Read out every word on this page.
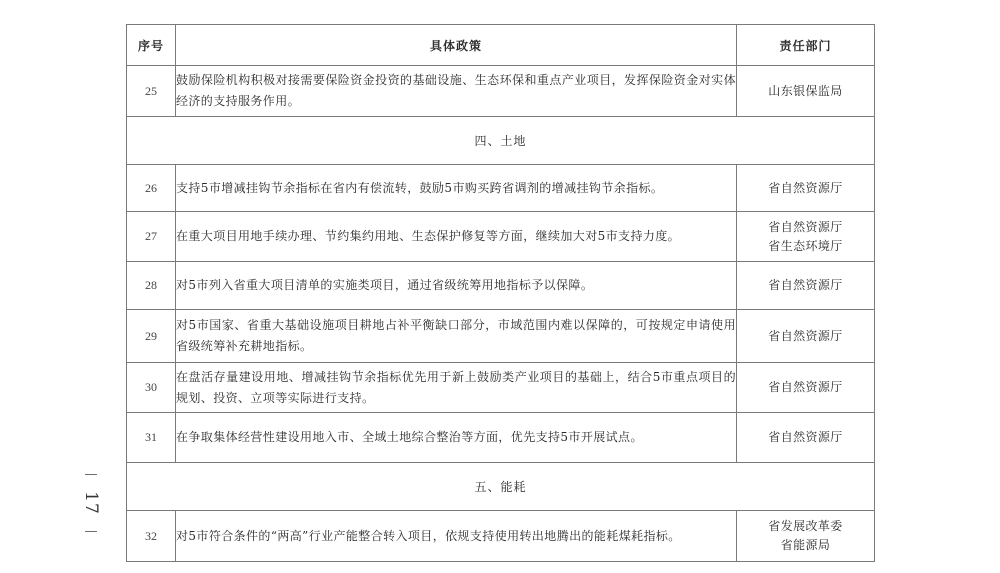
—
17
—
序号	具体政策	责任部门
25	鼓励保险机构积极对接需要保险资金投资的基础设施、生态环保和重点产业项目，发挥保险资金对实体经济的支持服务作用。	山东银保监局

四、土地		
26	支持5市增减挂钩节余指标在省内有偿流转，鼓励5市购买跨省调剂的增减挂钩节余指标。	省自然资源厅

27	在重大项目用地手续办理、节约集约用地、生态保护修复等方面，继续加大对5市支持力度。	省自然资源厅
省生态环境厅

28	对5市列入省重大项目清单的实施类项目，通过省级统筹用地指标予以保障。	省自然资源厅

29	对5市国家、省重大基础设施项目耕地占补平衡缺口部分，市域范围内难以保障的，可按规定申请使用省级统筹补充耕地指标。	省自然资源厅

30	在盘活存量建设用地、增减挂钩节余指标优先用于新上鼓励类产业项目的基础上，结合5市重点项目的规划、投资、立项等实际进行支持。	省自然资源厅

31	在争取集体经营性建设用地入市、全域土地综合整治等方面，优先支持5市开展试点。	省自然资源厅

五、能耗		
32	对5市符合条件的“两高”行业产能整合转入项目，依规支持使用转出地腾出的能耗煤耗指标。	省发展改革委
省能源局
